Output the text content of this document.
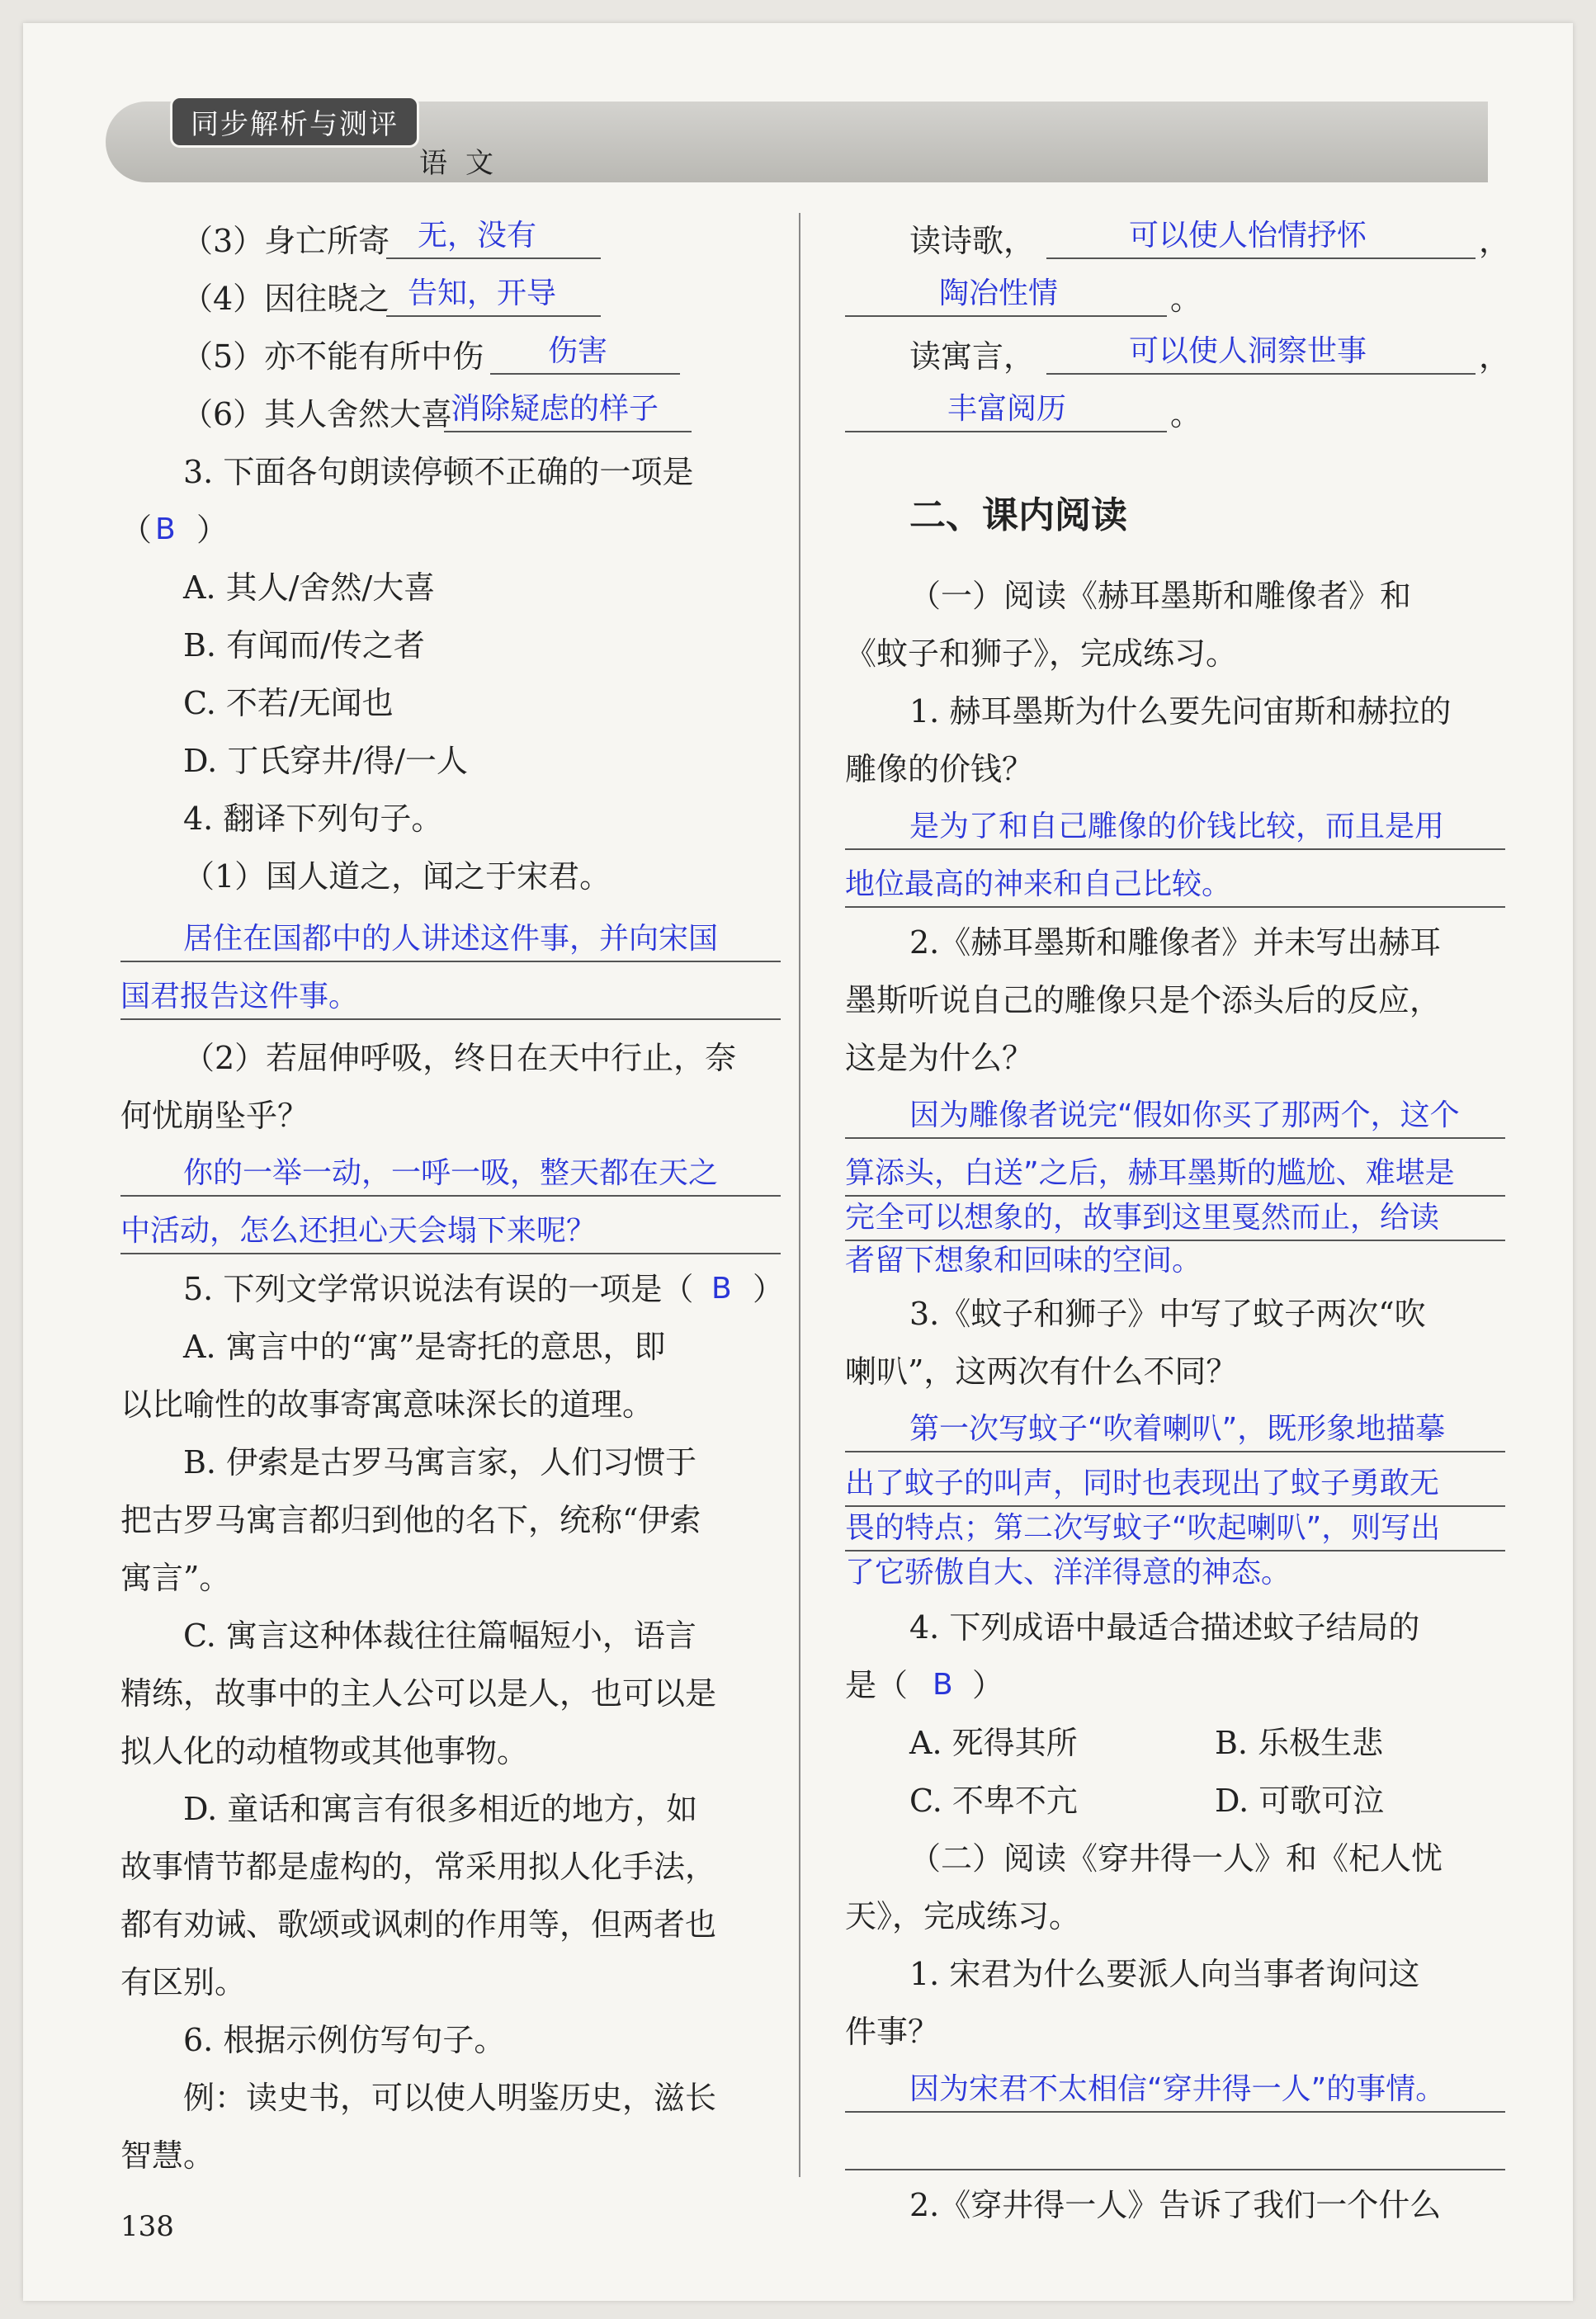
同步解析与测评
语文
（3）身亡所寄 无，没有
（4）因往晓之 告知，开导
（5）亦不能有所中伤 伤害
（6）其人舍然大喜
消除疑虑的样子
3. 下面各句朗读停顿不正确的一项是
（ B ）
A. 其人/舍然/大喜
B. 有闻而/传之者
C. 不若/无闻也
D. 丁氏穿井/得/一人
4. 翻译下列句子。
（1）国人道之，闻之于宋君。
居住在国都中的人讲述这件事，并向宋国
国君报告这件事。
（2）若屈伸呼吸，终日在天中行止，奈
何忧崩坠乎？
你的一举一动，一呼一吸，整天都在天之
中活动，怎么还担心天会塌下来呢？
5. 下列文学常识说法有误的一项是（ B ）
A. 寓言中的“寓”是寄托的意思，即
以比喻性的故事寄寓意味深长的道理。
B. 伊索是古罗马寓言家，人们习惯于
把古罗马寓言都归到他的名下，统称“伊索
寓言”。
C. 寓言这种体裁往往篇幅短小，语言
精练，故事中的主人公可以是人，也可以是
拟人化的动植物或其他事物。
D. 童话和寓言有很多相近的地方，如
故事情节都是虚构的，常采用拟人化手法，
都有劝诫、歌颂或讽刺的作用等，但两者也
有区别。
6. 根据示例仿写句子。
例：读史书，可以使人明鉴历史，滋长
智慧。
读诗歌，	可以使人怡情抒怀	，
陶冶性情	。
读寓言，	可以使人洞察世事	，
丰富阅历	。
二、课内阅读
（一）阅读《赫耳墨斯和雕像者》和
《蚊子和狮子》，完成练习。
1. 赫耳墨斯为什么要先问宙斯和赫拉的
雕像的价钱？
是为了和自己雕像的价钱比较，而且是用
地位最高的神来和自己比较。
2.《赫耳墨斯和雕像者》并未写出赫耳
墨斯听说自己的雕像只是个添头后的反应，
这是为什么？
因为雕像者说完“假如你买了那两个，这个
算添头，白送”之后，赫耳墨斯的尴尬、难堪是
完全可以想象的，故事到这里戛然而止，给读
者留下想象和回味的空间。
3.《蚊子和狮子》中写了蚊子两次“吹
喇叭”，这两次有什么不同？
第一次写蚊子“吹着喇叭”，既形象地描摹
出了蚊子的叫声，同时也表现出了蚊子勇敢无
畏的特点；第二次写蚊子“吹起喇叭”，则写出
了它骄傲自大、洋洋得意的神态。
4. 下列成语中最适合描述蚊子结局的
是（ B ）
A. 死得其所	B. 乐极生悲
C. 不卑不亢	D. 可歌可泣
（二）阅读《穿井得一人》和《杞人忧
天》，完成练习。
1. 宋君为什么要派人向当事者询问这
件事？
因为宋君不太相信“穿井得一人”的事情。
2.《穿井得一人》告诉了我们一个什么
138
